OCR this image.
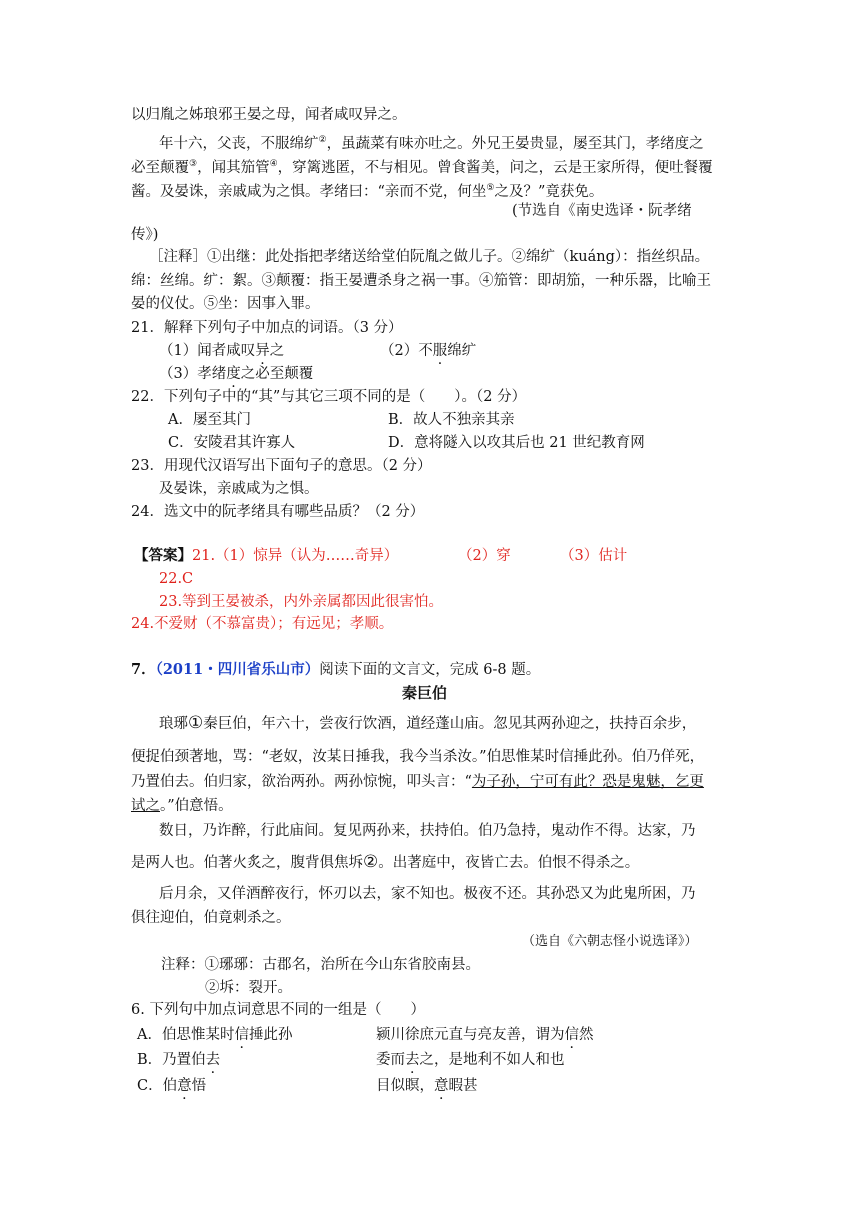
以归胤之姊琅邪王晏之母，闻者咸叹异之。
年十六，父丧，不服绵纩②，虽蔬菜有味亦吐之。外兄王晏贵显，屡至其门，孝绪度之
必至颠覆③，闻其笳管④，穿篱逃匿，不与相见。曾食酱美，问之，云是王家所得，便吐餐覆
酱。及晏诛，亲戚咸为之惧。孝绪曰：“亲而不党，何坐⑤之及？”竟获免。
(节选自《南史选译・阮孝绪
传》)
［注释］①出继：此处指把孝绪送给堂伯阮胤之做儿子。②绵纩（kuáng）：指丝织品。
绵：丝绵。纩：絮。③颠覆：指王晏遭杀身之祸一事。④笳管：即胡笳，一种乐器，比喻王
晏的仪仗。⑤坐：因事入罪。
21．解释下列句子中加点的词语。（3 分）
（1）闻者咸叹异之	（2）不服绵纩
（3）孝绪度之必至颠覆
22．下列句子中的“其”与其它三项不同的是（　　）。（2 分）
A．屡至其门	B．故人不独亲其亲
C．安陵君其许寡人	D．意将隧入以攻其后也 21 世纪教育网
23．用现代汉语写出下面句子的意思。（2 分）
及晏诛，亲戚咸为之惧。
24．选文中的阮孝绪具有哪些品质？（2 分）
【答案】21.（1）惊异（认为……奇异）	（2）穿	（3）估计
22.C
23.等到王晏被杀，内外亲属都因此很害怕。
24.不爱财（不慕富贵）；有远见；孝顺。
7．（2011・四川省乐山市）阅读下面的文言文，完成 6-8 题。
秦巨伯
琅琊①秦巨伯，年六十，尝夜行饮酒，道经蓬山庙。忽见其两孙迎之，扶持百余步，
便捉伯颈著地，骂：“老奴，汝某日捶我，我今当杀汝。”伯思惟某时信捶此孙。伯乃佯死，
乃置伯去。伯归家，欲治两孙。两孙惊惋，叩头言：“为子孙，宁可有此？恐是鬼魅，乞更
试之。”伯意悟。
数日，乃诈醉，行此庙间。复见两孙来，扶持伯。伯乃急持，鬼动作不得。达家，乃
是两人也。伯著火炙之，腹背俱焦坼②。出著庭中，夜皆亡去。伯恨不得杀之。
后月余，又佯酒醉夜行，怀刃以去，家不知也。极夜不还。其孙恐又为此鬼所困，乃
俱往迎伯，伯竟刺杀之。
（选自《六朝志怪小说选译》）
注释：①琊琊：古郡名，治所在今山东省胶南县。
②坼：裂开。
6. 下列句中加点词意思不同的一组是（　　）
A．伯思惟某时信捶此孙	颍川徐庶元直与亮友善，谓为信然
B．乃置伯去	委而去之，是地利不如人和也
C．伯意悟	目似瞑，意暇甚
